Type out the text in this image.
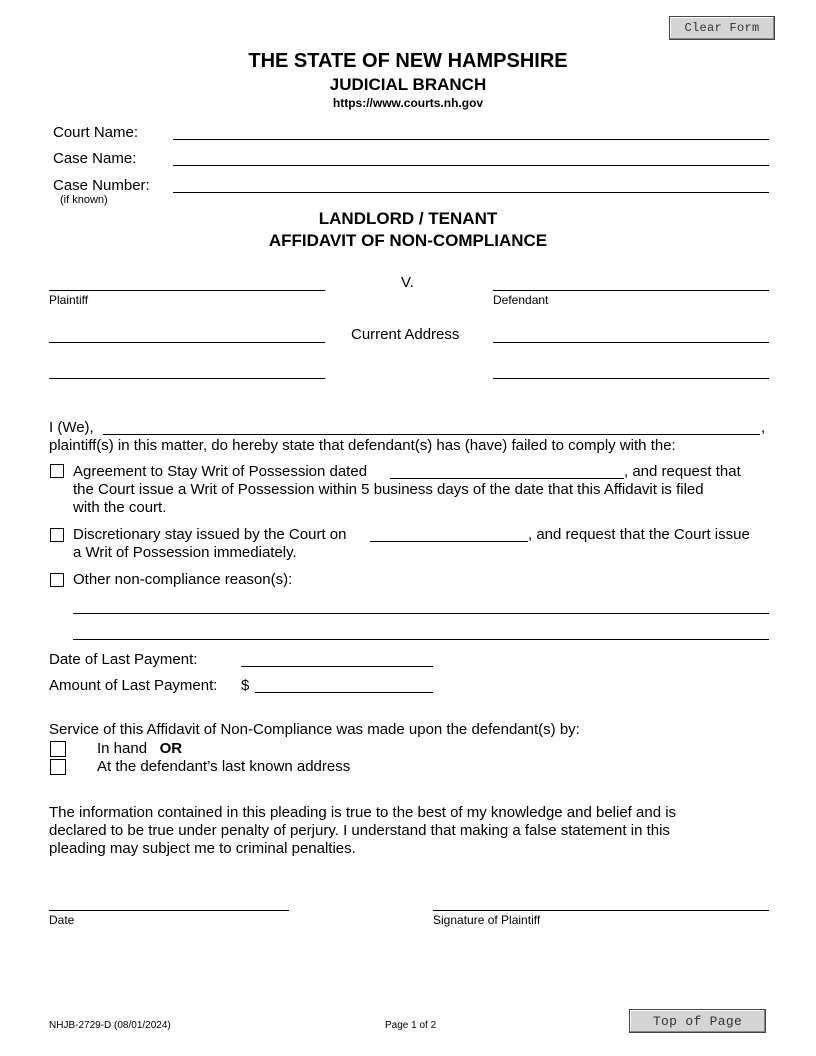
Clear Form
THE STATE OF NEW HAMPSHIRE
JUDICIAL BRANCH
https://www.courts.nh.gov
Court Name:
Case Name:
Case Number:
(if known)
LANDLORD / TENANT
AFFIDAVIT OF NON-COMPLIANCE
Plaintiff
V.
Defendant
Current Address
I (We),	,
plaintiff(s) in this matter, do hereby state that defendant(s) has (have) failed to comply with the:
Agreement to Stay Writ of Possession dated	, and request that
the Court issue a Writ of Possession within 5 business days of the date that this Affidavit is filed
with the court.
Discretionary stay issued by the Court on	, and request that the Court issue
a Writ of Possession immediately.
Other non-compliance reason(s):
Date of Last Payment:
Amount of Last Payment: $
Service of this Affidavit of Non-Compliance was made upon the defendant(s) by:
In hand OR
At the defendant’s last known address
The information contained in this pleading is true to the best of my knowledge and belief and is
declared to be true under penalty of perjury. I understand that making a false statement in this
pleading may subject me to criminal penalties.
Date	Signature of Plaintiff
NHJB-2729-D (08/01/2024)	Page 1 of 2	Top of Page
